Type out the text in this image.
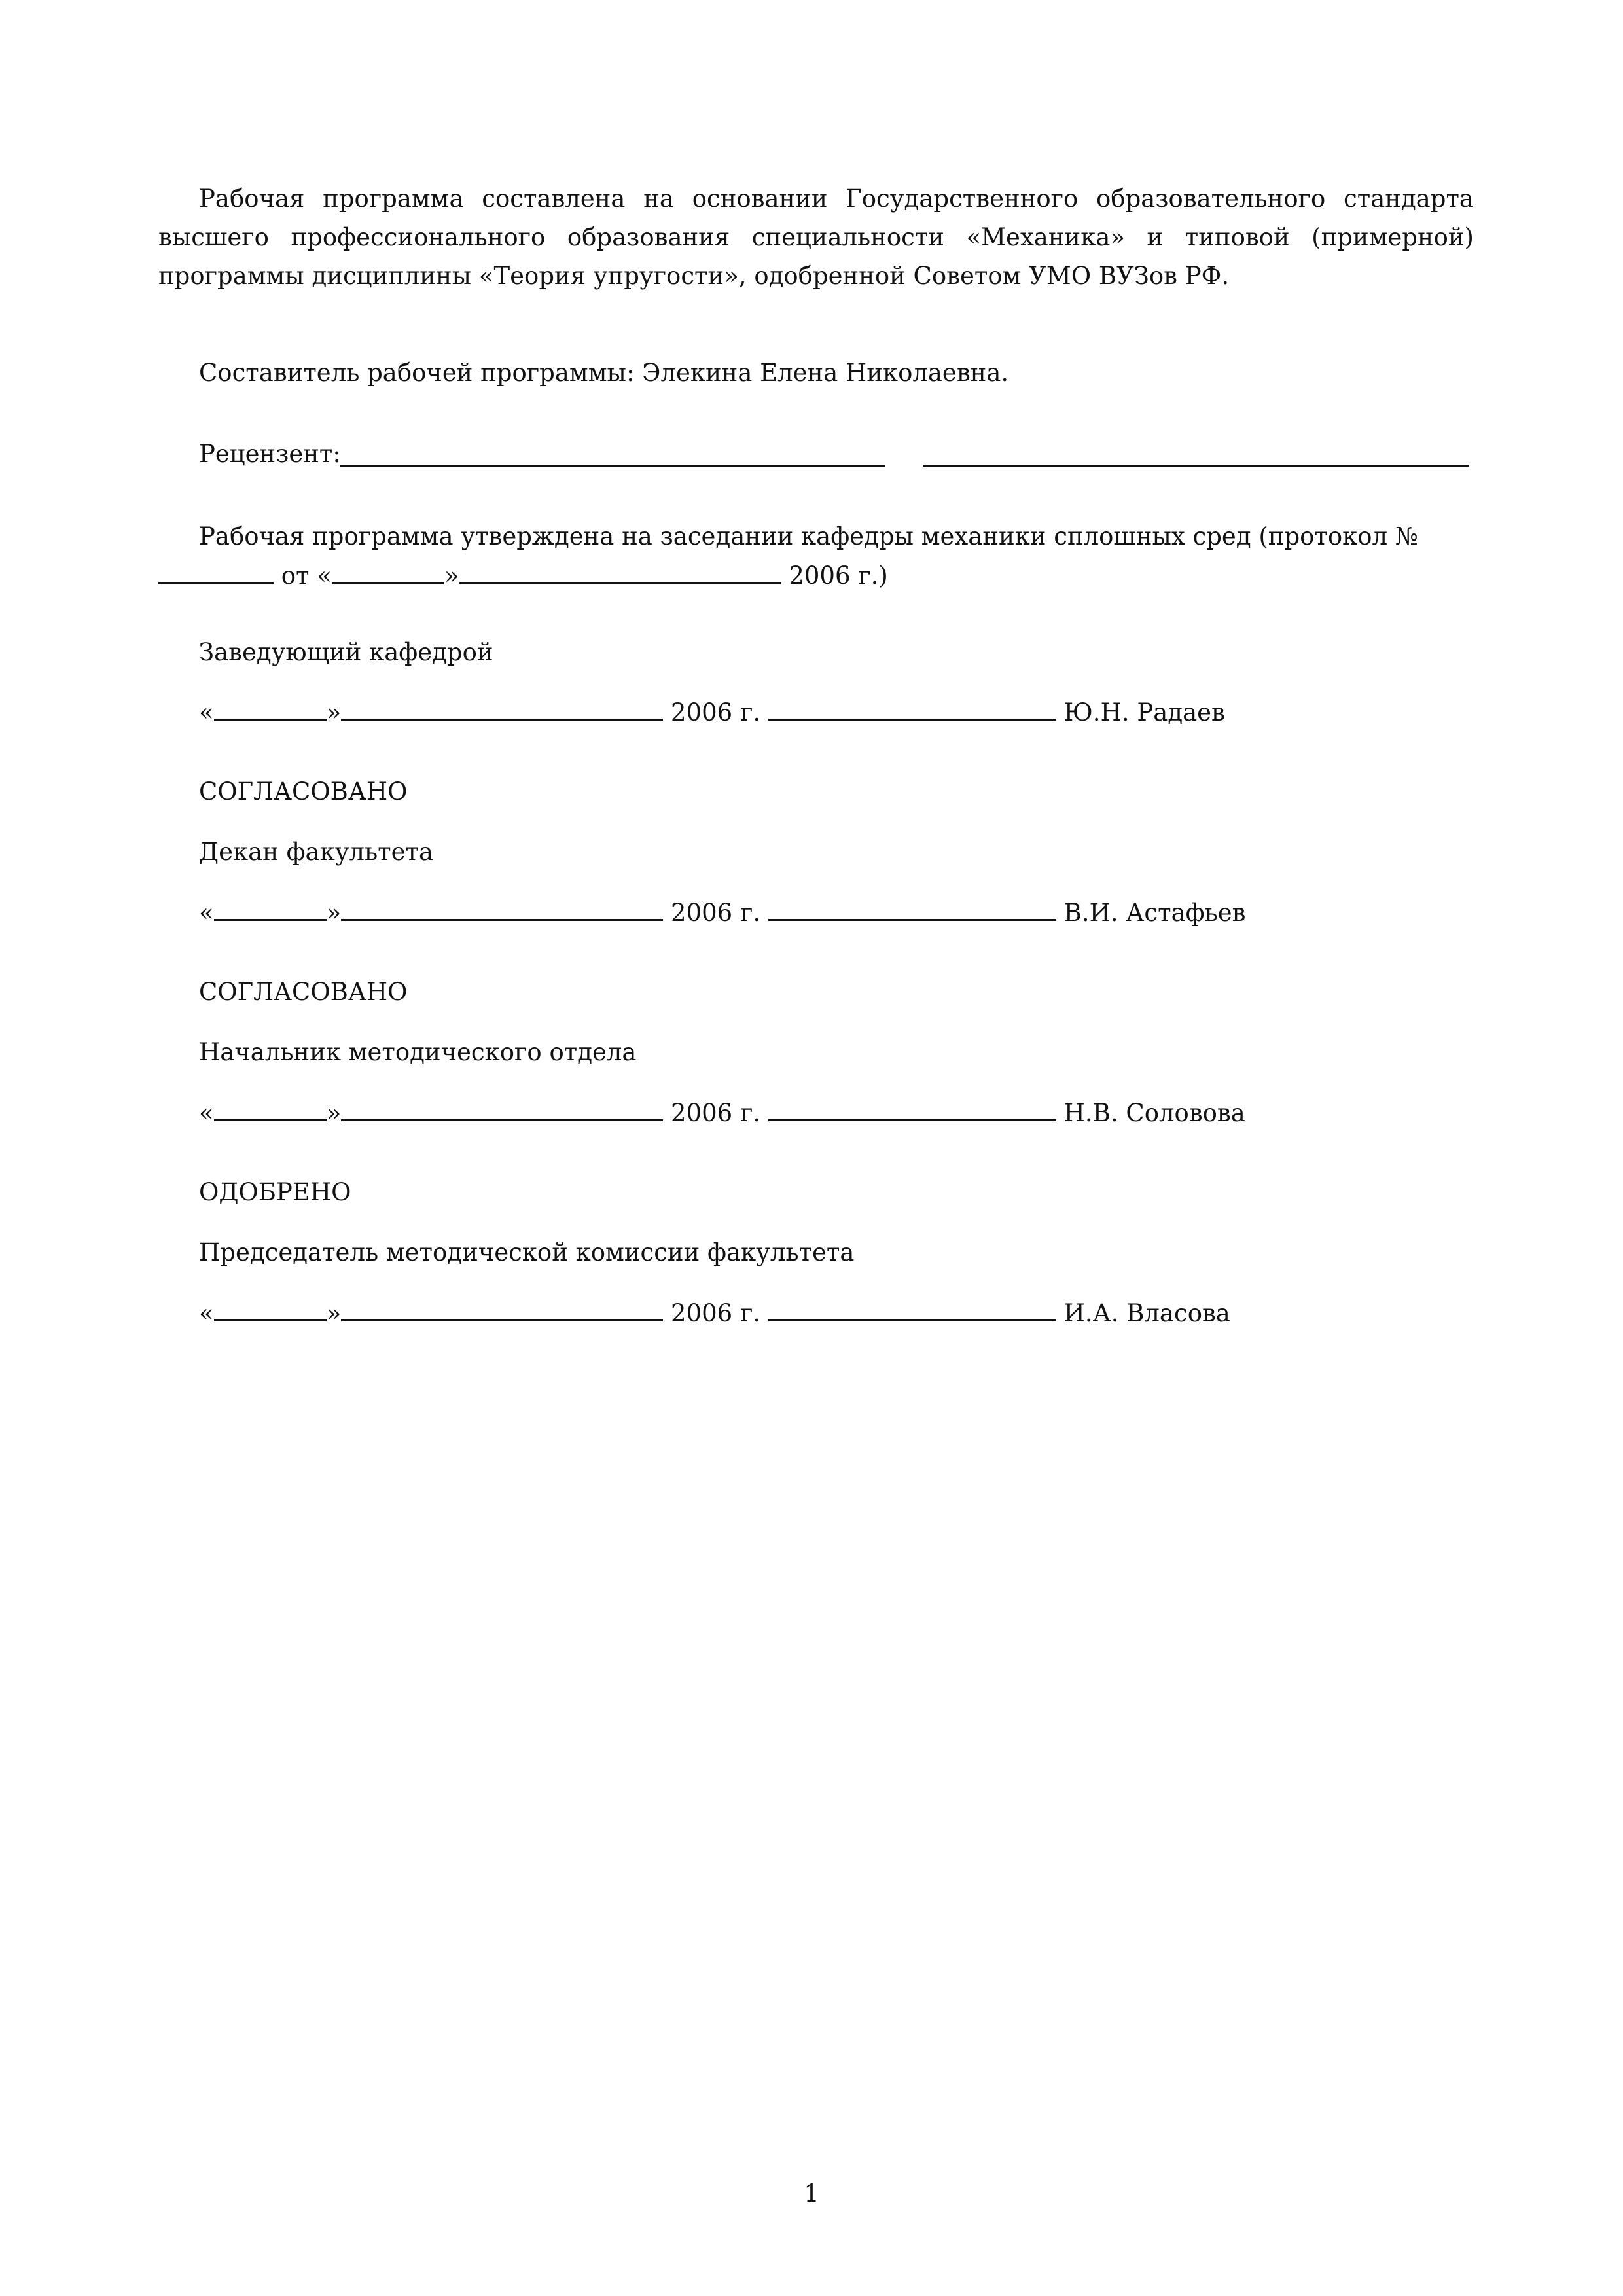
Рабочая программа составлена на основании Государственного образовательного стандарта высшего профессионального образования специальности «Механика» и типовой (примерной) программы дисциплины «Теория упругости», одобренной Советом УМО ВУЗов РФ.
Составитель рабочей программы: Элекина Елена Николаевна.
Рецензент:
Рабочая программа утверждена на заседании кафедры механики сплошных сред (протокол №

от «	»	2006 г.)
Заведующий кафедрой
«	»	2006 г.	Ю.Н. Радаев
СОГЛАСОВАНО
Декан факультета
«	»	2006 г.	В.И. Астафьев
СОГЛАСОВАНО
Начальник методического отдела
«	»	2006 г.	Н.В. Соловова
ОДОБРЕНО
Председатель методической комиссии факультета
«	»	2006 г.	И.А. Власова
1
